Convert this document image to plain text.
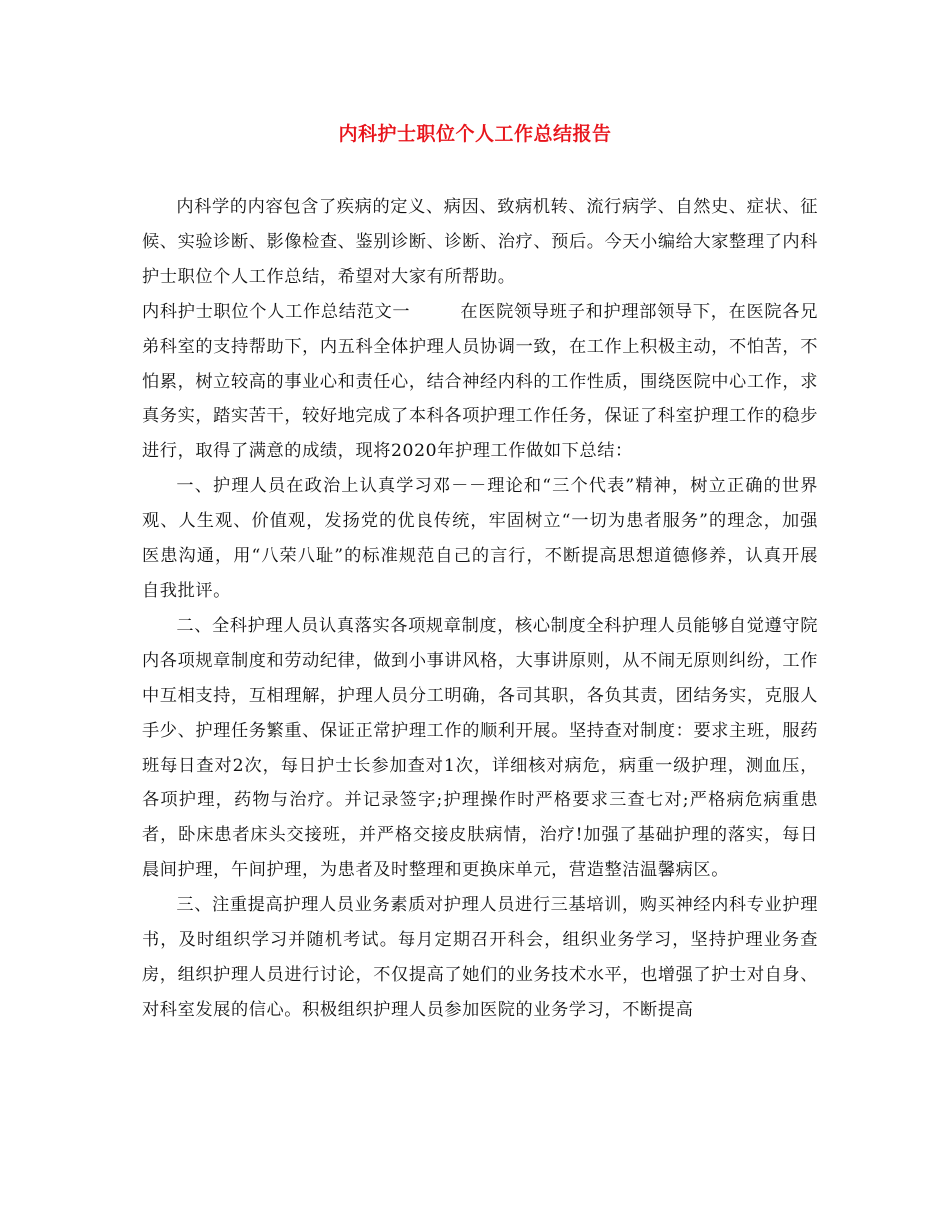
内科护士职位个人工作总结报告

内科学的内容包含了疾病的定义、病因、致病机转、流行病学、自然史、症状、征候、实验诊断、影像检查、鉴别诊断、诊断、治疗、预后。今天小编给大家整理了内科护士职位个人工作总结，希望对大家有所帮助。

内科护士职位个人工作总结范文一	在医院领导班子和护理部领导下，在医院各兄弟科室的支持帮助下，内五科全体护理人员协调一致，在工作上积极主动，不怕苦，不怕累，树立较高的事业心和责任心，结合神经内科的工作性质，围绕医院中心工作，求真务实，踏实苦干，较好地完成了本科各项护理工作任务，保证了科室护理工作的稳步进行，取得了满意的成绩，现将2020年护理工作做如下总结：

一、护理人员在政治上认真学习邓－－理论和“三个代表”精神，树立正确的世界观、人生观、价值观，发扬党的优良传统，牢固树立“一切为患者服务”的理念，加强医患沟通，用“八荣八耻”的标准规范自己的言行，不断提高思想道德修养，认真开展自我批评。

二、全科护理人员认真落实各项规章制度，核心制度全科护理人员能够自觉遵守院内各项规章制度和劳动纪律，做到小事讲风格，大事讲原则，从不闹无原则纠纷，工作中互相支持，互相理解，护理人员分工明确，各司其职，各负其责，团结务实，克服人手少、护理任务繁重、保证正常护理工作的顺利开展。坚持查对制度：要求主班，服药班每日查对2次，每日护士长参加查对1次，详细核对病危，病重一级护理，测血压，各项护理，药物与治疗。并记录签字;护理操作时严格要求三查七对;严格病危病重患者，卧床患者床头交接班，并严格交接皮肤病情，治疗!加强了基础护理的落实，每日晨间护理，午间护理，为患者及时整理和更换床单元，营造整洁温馨病区。

三、注重提高护理人员业务素质对护理人员进行三基培训，购买神经内科专业护理书，及时组织学习并随机考试。每月定期召开科会，组织业务学习，坚持护理业务查房，组织护理人员进行讨论，不仅提高了她们的业务技术水平，也增强了护士对自身、对科室发展的信心。积极组织护理人员参加医院的业务学习，不断提高
